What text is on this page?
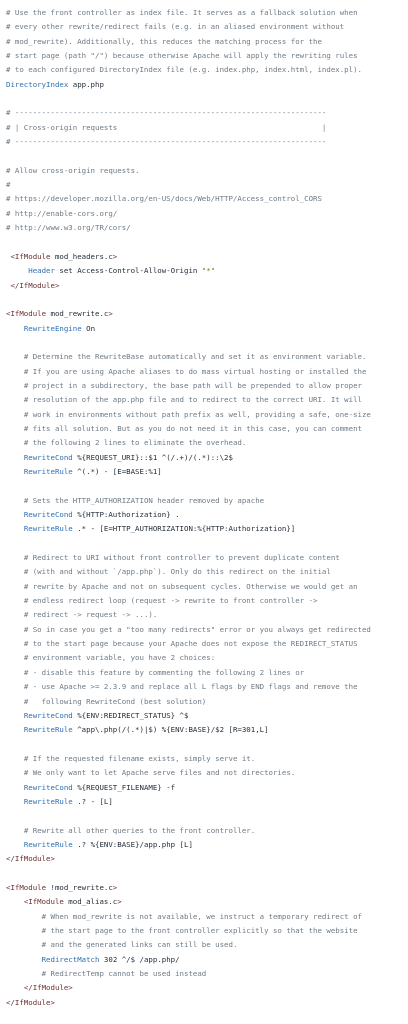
# Use the front controller as index file. It serves as a fallback solution when
# every other rewrite/redirect fails (e.g. in an aliased environment without
# mod_rewrite). Additionally, this reduces the matching process for the
# start page (path "/") because otherwise Apache will apply the rewriting rules
# to each configured DirectoryIndex file (e.g. index.php, index.html, index.pl).
DirectoryIndex app.php
# ----------------------------------------------------------------------
# | Cross-origin requests                                              |
# ----------------------------------------------------------------------
# Allow cross-origin requests.
#
# https://developer.mozilla.org/en-US/docs/Web/HTTP/Access_control_CORS
# http://enable-cors.org/
# http://www.w3.org/TR/cors/
<IfModule mod_headers.c>
Header set Access-Control-Allow-Origin "*"
</IfModule>
<IfModule mod_rewrite.c>
RewriteEngine On
# Determine the RewriteBase automatically and set it as environment variable.
# If you are using Apache aliases to do mass virtual hosting or installed the
# project in a subdirectory, the base path will be prepended to allow proper
# resolution of the app.php file and to redirect to the correct URI. It will
# work in environments without path prefix as well, providing a safe, one-size
# fits all solution. But as you do not need it in this case, you can comment
# the following 2 lines to eliminate the overhead.
RewriteCond %{REQUEST_URI}::$1 ^(/.+)/(.*)::\2$
RewriteRule ^(.*) - [E=BASE:%1]
# Sets the HTTP_AUTHORIZATION header removed by apache
RewriteCond %{HTTP:Authorization} .
RewriteRule .* - [E=HTTP_AUTHORIZATION:%{HTTP:Authorization}]
# Redirect to URI without front controller to prevent duplicate content
# (with and without `/app.php`). Only do this redirect on the initial
# rewrite by Apache and not on subsequent cycles. Otherwise we would get an
# endless redirect loop (request -> rewrite to front controller ->
# redirect -> request -> ...).
# So in case you get a "too many redirects" error or you always get redirected
# to the start page because your Apache does not expose the REDIRECT_STATUS
# environment variable, you have 2 choices:
# - disable this feature by commenting the following 2 lines or
# - use Apache >= 2.3.9 and replace all L flags by END flags and remove the
#   following RewriteCond (best solution)
RewriteCond %{ENV:REDIRECT_STATUS} ^$
RewriteRule ^app\.php(/(.*)|$) %{ENV:BASE}/$2 [R=301,L]
# If the requested filename exists, simply serve it.
# We only want to let Apache serve files and not directories.
RewriteCond %{REQUEST_FILENAME} -f
RewriteRule .? - [L]
# Rewrite all other queries to the front controller.
RewriteRule .? %{ENV:BASE}/app.php [L]
</IfModule>
<IfModule !mod_rewrite.c>
<IfModule mod_alias.c>
# When mod_rewrite is not available, we instruct a temporary redirect of
# the start page to the front controller explicitly so that the website
# and the generated links can still be used.
RedirectMatch 302 ^/$ /app.php/
# RedirectTemp cannot be used instead
</IfModule>
</IfModule>
